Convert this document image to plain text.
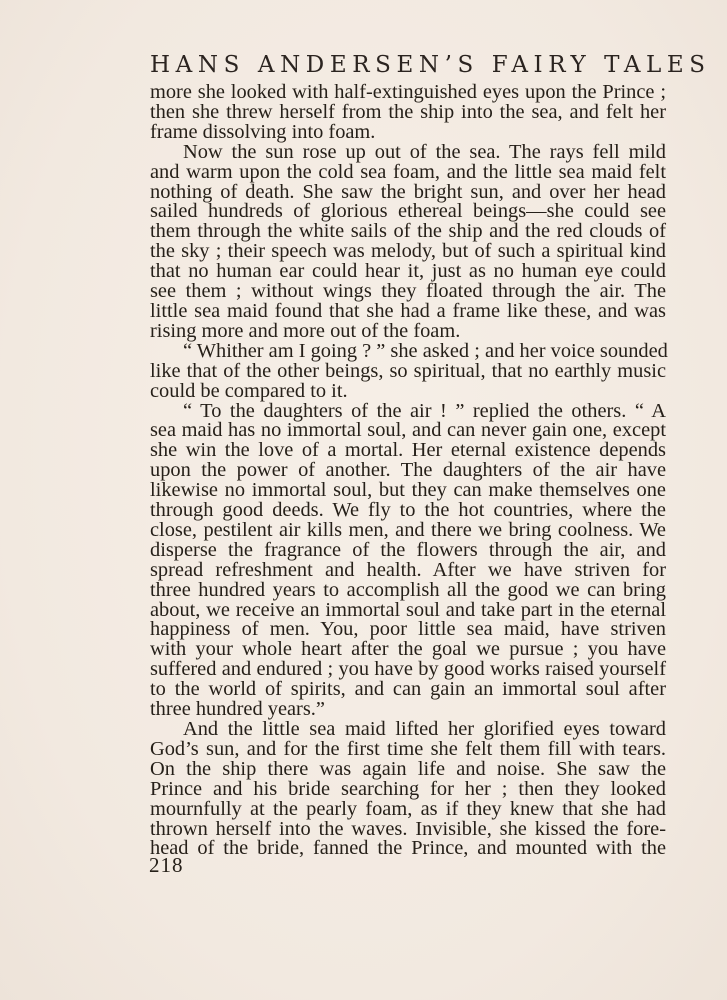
HANS ANDERSEN’S FAIRY TALES
more she looked with half-extinguished eyes upon the Prince ;
then she threw herself from the ship into the sea, and felt her
frame dissolving into foam.
Now the sun rose up out of the sea. The rays fell mild
and warm upon the cold sea foam, and the little sea maid felt
nothing of death. She saw the bright sun, and over her head
sailed hundreds of glorious ethereal beings—she could see
them through the white sails of the ship and the red clouds of
the sky ; their speech was melody, but of such a spiritual kind
that no human ear could hear it, just as no human eye could
see them ; without wings they floated through the air. The
little sea maid found that she had a frame like these, and was
rising more and more out of the foam.
“ Whither am I going ? ” she asked ; and her voice sounded
like that of the other beings, so spiritual, that no earthly music
could be compared to it.
“ To the daughters of the air ! ” replied the others. “ A
sea maid has no immortal soul, and can never gain one, except
she win the love of a mortal. Her eternal existence depends
upon the power of another. The daughters of the air have
likewise no immortal soul, but they can make themselves one
through good deeds. We fly to the hot countries, where the
close, pestilent air kills men, and there we bring coolness. We
disperse the fragrance of the flowers through the air, and
spread refreshment and health. After we have striven for
three hundred years to accomplish all the good we can bring
about, we receive an immortal soul and take part in the eternal
happiness of men. You, poor little sea maid, have striven
with your whole heart after the goal we pursue ; you have
suffered and endured ; you have by good works raised yourself
to the world of spirits, and can gain an immortal soul after
three hundred years.”
And the little sea maid lifted her glorified eyes toward
God’s sun, and for the first time she felt them fill with tears.
On the ship there was again life and noise. She saw the
Prince and his bride searching for her ; then they looked
mournfully at the pearly foam, as if they knew that she had
thrown herself into the waves. Invisible, she kissed the fore-
head of the bride, fanned the Prince, and mounted with the
218
